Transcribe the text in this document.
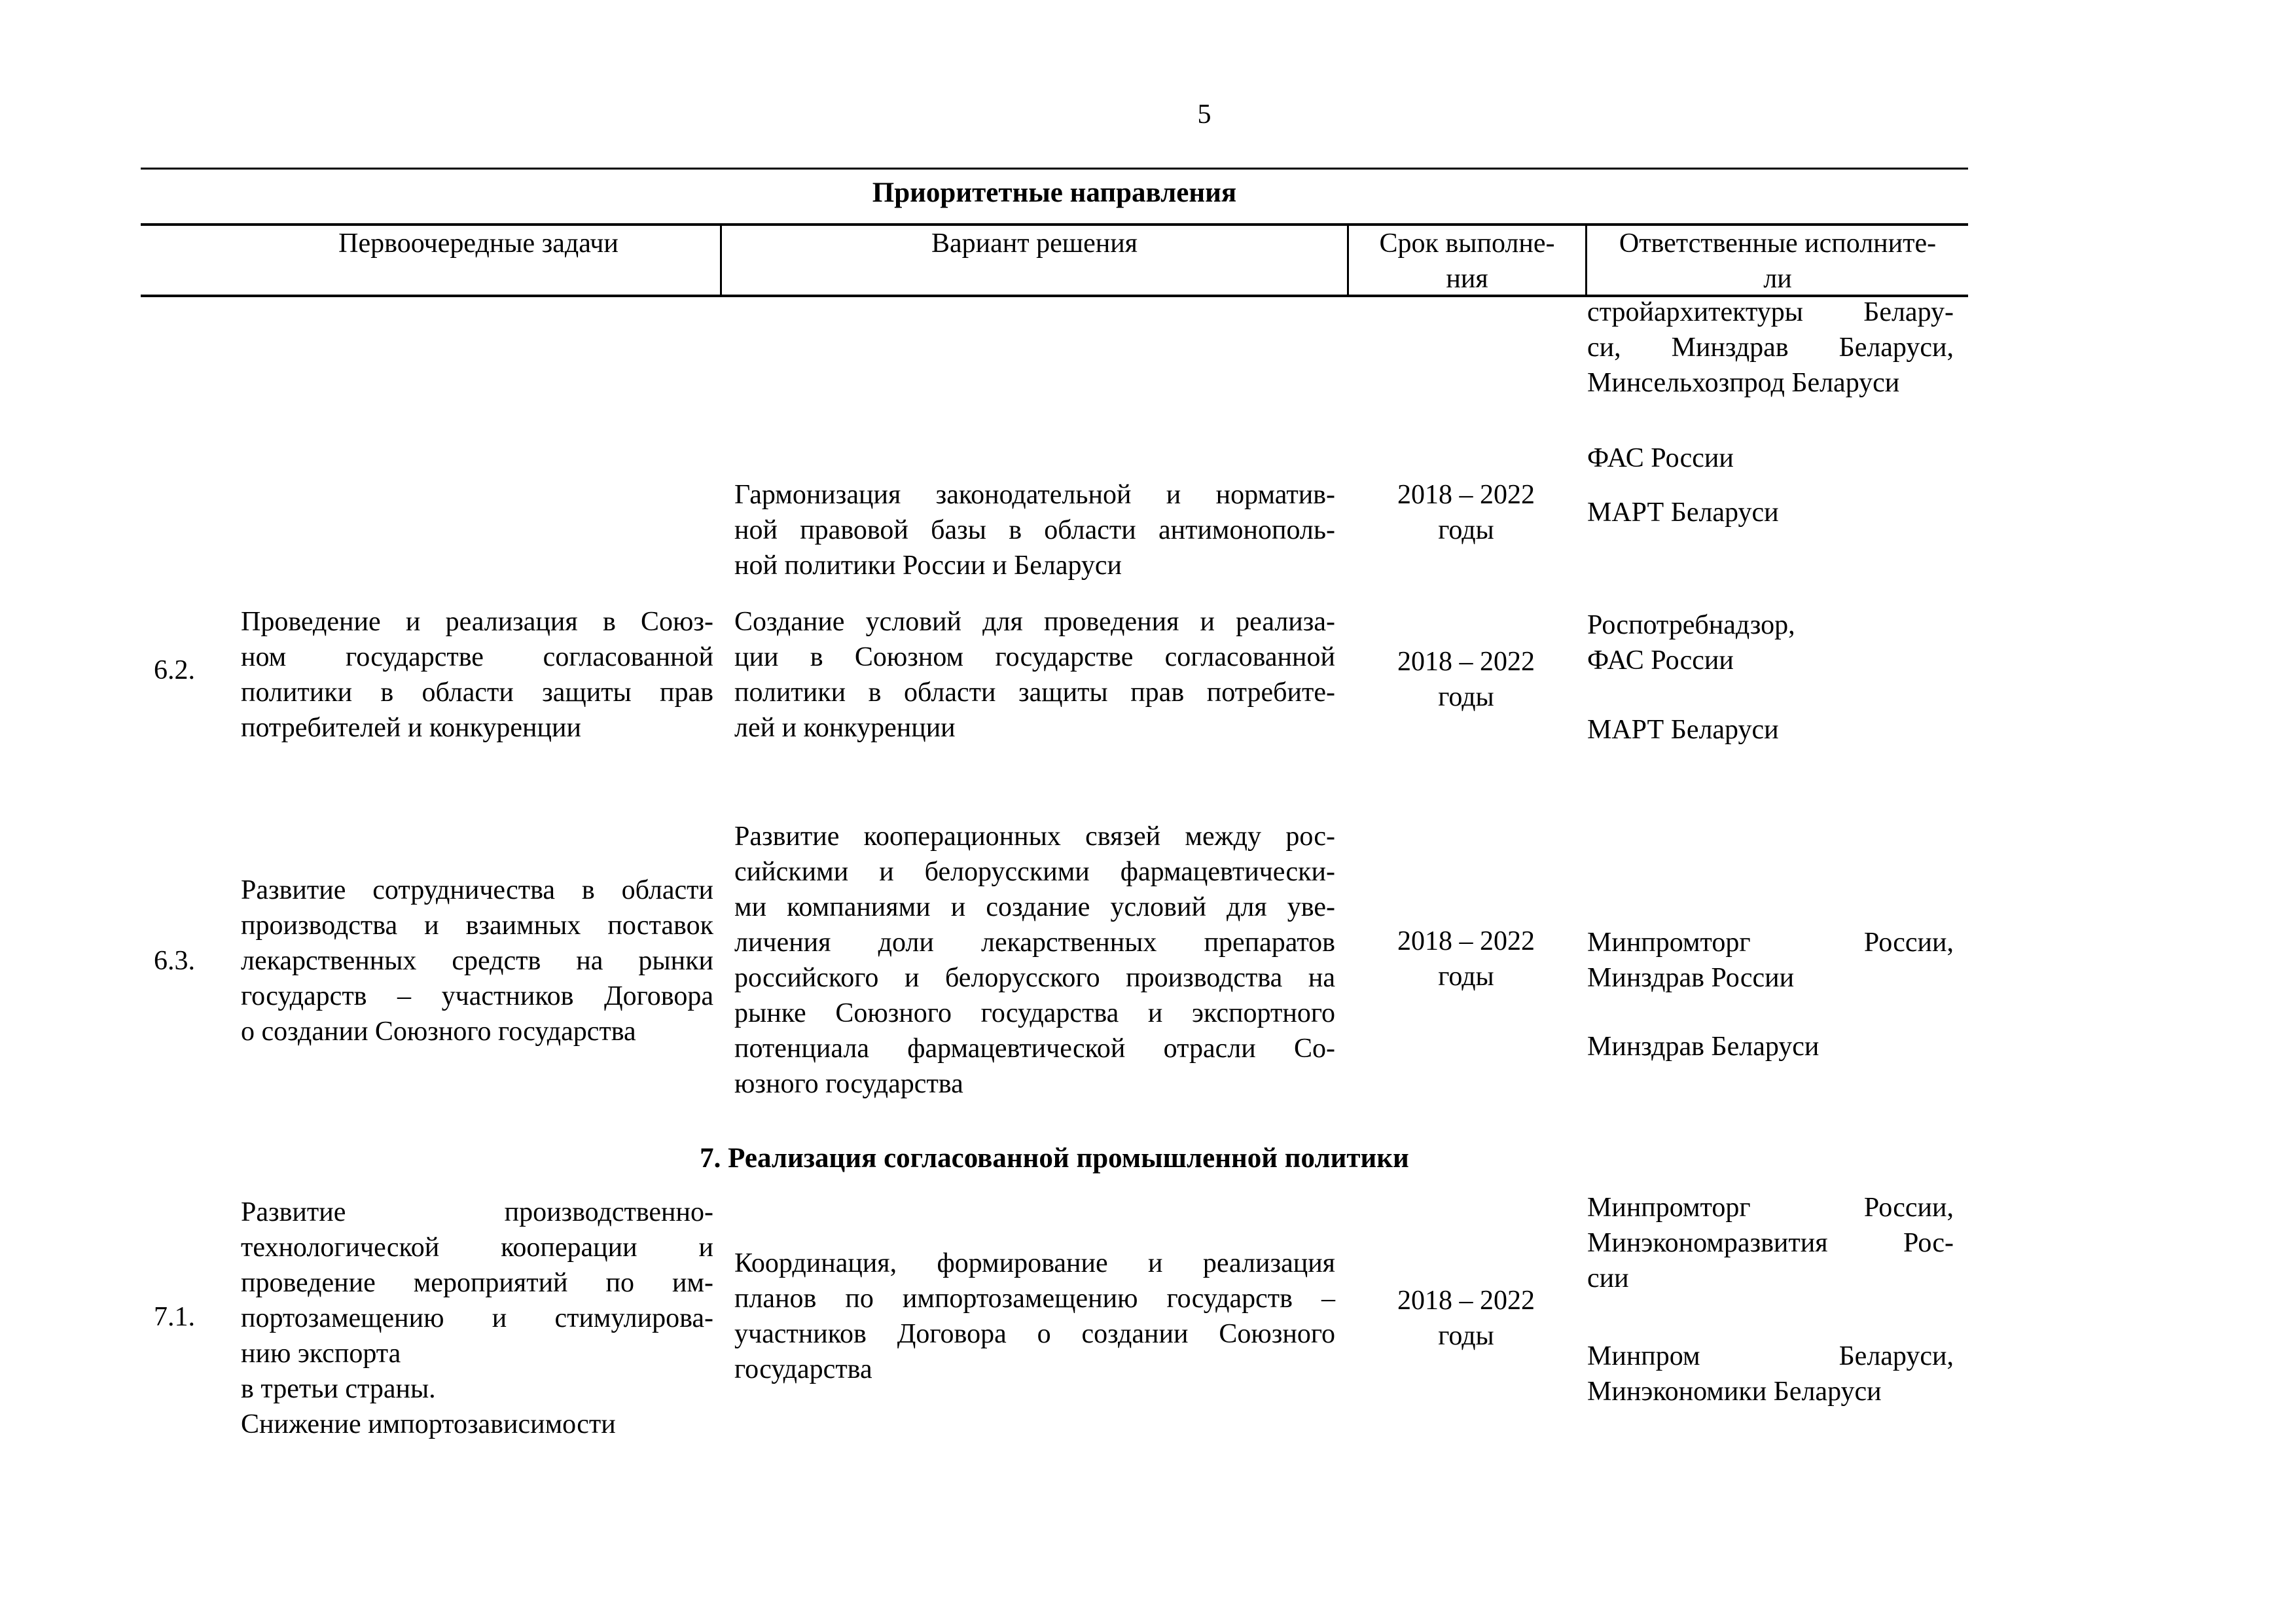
5
Приоритетные направления
Первоочередные задачи	Вариант решения	Срок выполне-
ния
Ответственные исполните-
ли
стройархитектуры Белару-
си, Минздрав Беларуси,
Минсельхозпрод Беларуси
ФАС России
Гармонизация законодательной и норматив-
ной правовой базы в области антимонополь-
ной политики России и Беларуси
2018 – 2022
годы
МАРТ Беларуси
6.2.
Проведение и реализация в Союз-
ном государстве согласованной
политики в области защиты прав
потребителей и конкуренции
Создание условий для проведения и реализа-
ции в Союзном государстве согласованной
политики в области защиты прав потребите-
лей и конкуренции
2018 – 2022
годы
Роспотребнадзор,
ФАС России
МАРТ Беларуси
6.3.
Развитие сотрудничества в области
производства и взаимных поставок
лекарственных средств на рынки
государств – участников Договора
о создании Союзного государства
Развитие кооперационных связей между рос-
сийскими и белорусскими фармацевтически-
ми компаниями и создание условий для уве-
личения доли лекарственных препаратов
российского и белорусского производства на
рынке Союзного государства и экспортного
потенциала фармацевтической отрасли Со-
юзного государства
2018 – 2022
годы
Минпромторг России,
Минздрав России
Минздрав Беларуси
7. Реализация согласованной промышленной политики
7.1.
Развитие производственно-
технологической кооперации и
проведение мероприятий по им-
портозамещению и стимулирова-
нию экспорта
в третьи страны.
Снижение импортозависимости
Координация, формирование и реализация
планов по импортозамещению государств –
участников Договора о создании Союзного
государства
2018 – 2022
годы
Минпромторг России,
Минэкономразвития Рос-
сии
Минпром Беларуси,
Минэкономики Беларуси
